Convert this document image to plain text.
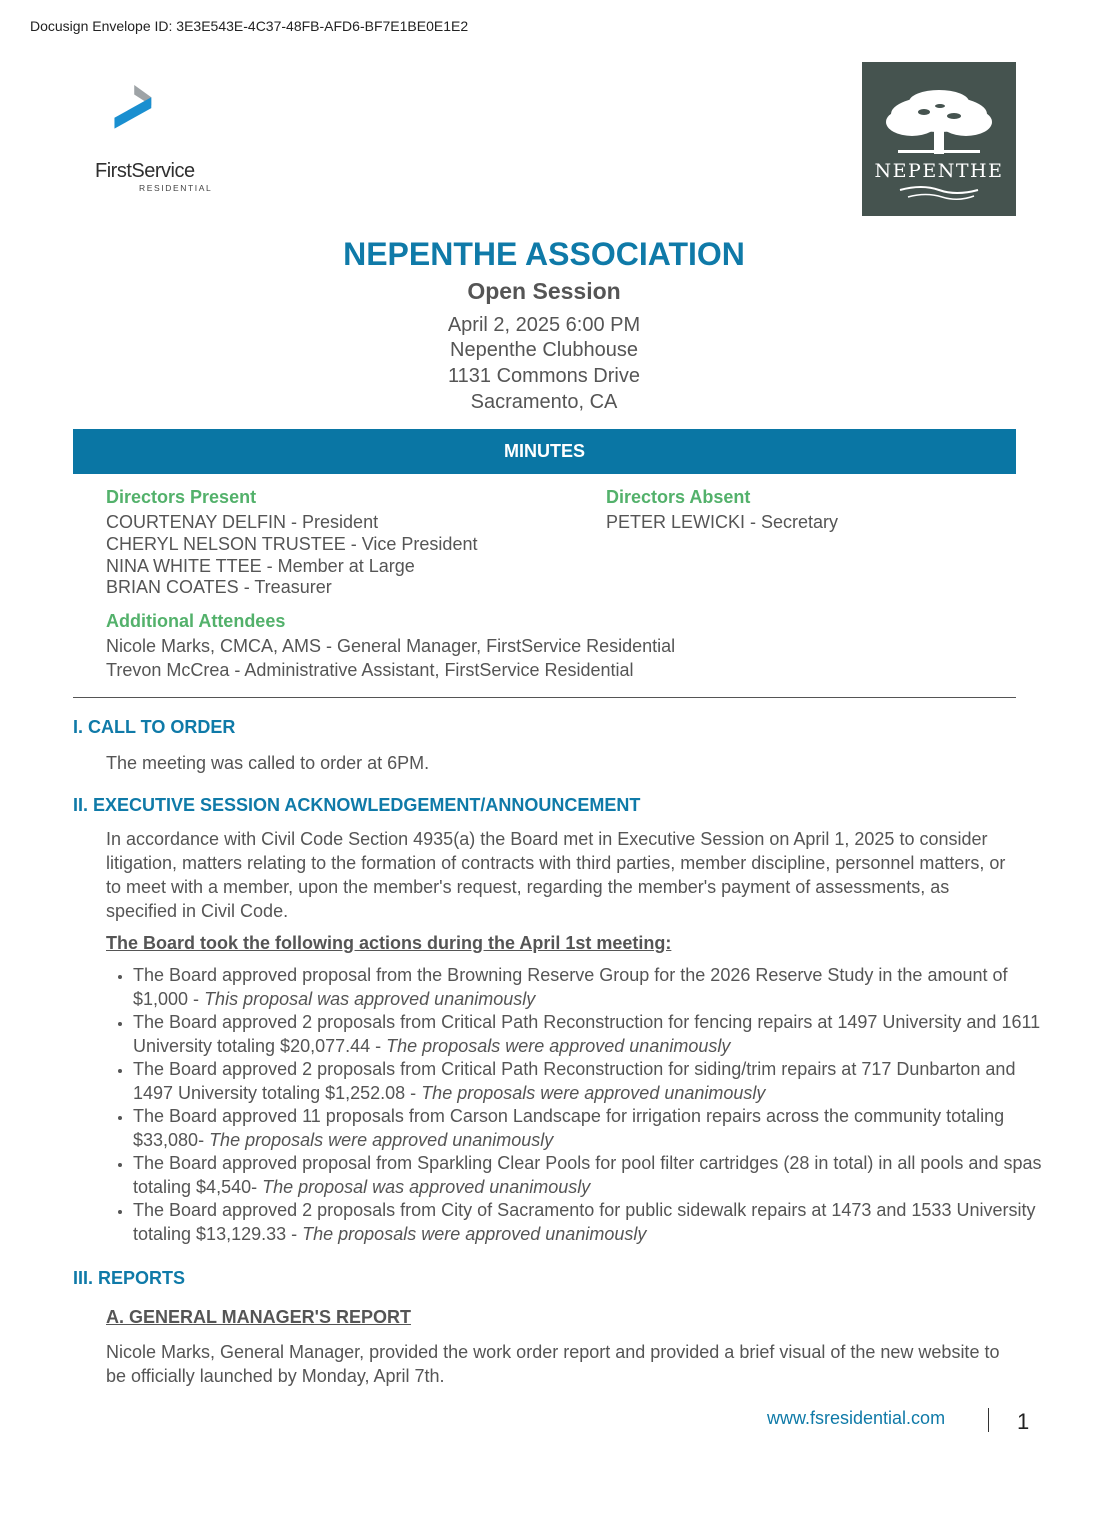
Docusign Envelope ID: 3E3E543E-4C37-48FB-AFD6-BF7E1BE0E1E2
FirstService
RESIDENTIAL
NEPENTHE
NEPENTHE ASSOCIATION
Open Session
April 2, 2025 6:00 PM
Nepenthe Clubhouse
1131 Commons Drive
Sacramento, CA
MINUTES
Directors Present
COURTENAY DELFIN - President
CHERYL NELSON TRUSTEE - Vice President
NINA WHITE TTEE - Member at Large
BRIAN COATES - Treasurer
Directors Absent
PETER LEWICKI - Secretary
Additional Attendees
Nicole Marks, CMCA, AMS - General Manager, FirstService Residential
Trevon McCrea - Administrative Assistant, FirstService Residential
I. CALL TO ORDER
The meeting was called to order at 6PM.
II. EXECUTIVE SESSION ACKNOWLEDGEMENT/ANNOUNCEMENT
In accordance with Civil Code Section 4935(a) the Board met in Executive Session on April 1, 2025 to consider litigation, matters relating to the formation of contracts with third parties, member discipline, personnel matters, or to meet with a member, upon the member's request, regarding the member's payment of assessments, as specified in Civil Code.
The Board took the following actions during the April 1st meeting:
• The Board approved proposal from the Browning Reserve Group for the 2026 Reserve Study in the amount of $1,000 - This proposal was approved unanimously
• The Board approved 2 proposals from Critical Path Reconstruction for fencing repairs at 1497 University and 1611 University totaling $20,077.44 - The proposals were approved unanimously
• The Board approved 2 proposals from Critical Path Reconstruction for siding/trim repairs at 717 Dunbarton and 1497 University totaling $1,252.08 - The proposals were approved unanimously
• The Board approved 11 proposals from Carson Landscape for irrigation repairs across the community totaling $33,080- The proposals were approved unanimously
• The Board approved proposal from Sparkling Clear Pools for pool filter cartridges (28 in total) in all pools and spas totaling $4,540- The proposal was approved unanimously
• The Board approved 2 proposals from City of Sacramento for public sidewalk repairs at 1473 and 1533 University totaling $13,129.33 - The proposals were approved unanimously
III. REPORTS
A. GENERAL MANAGER'S REPORT
Nicole Marks, General Manager, provided the work order report and provided a brief visual of the new website to be officially launched by Monday, April 7th.
www.fsresidential.com	1
